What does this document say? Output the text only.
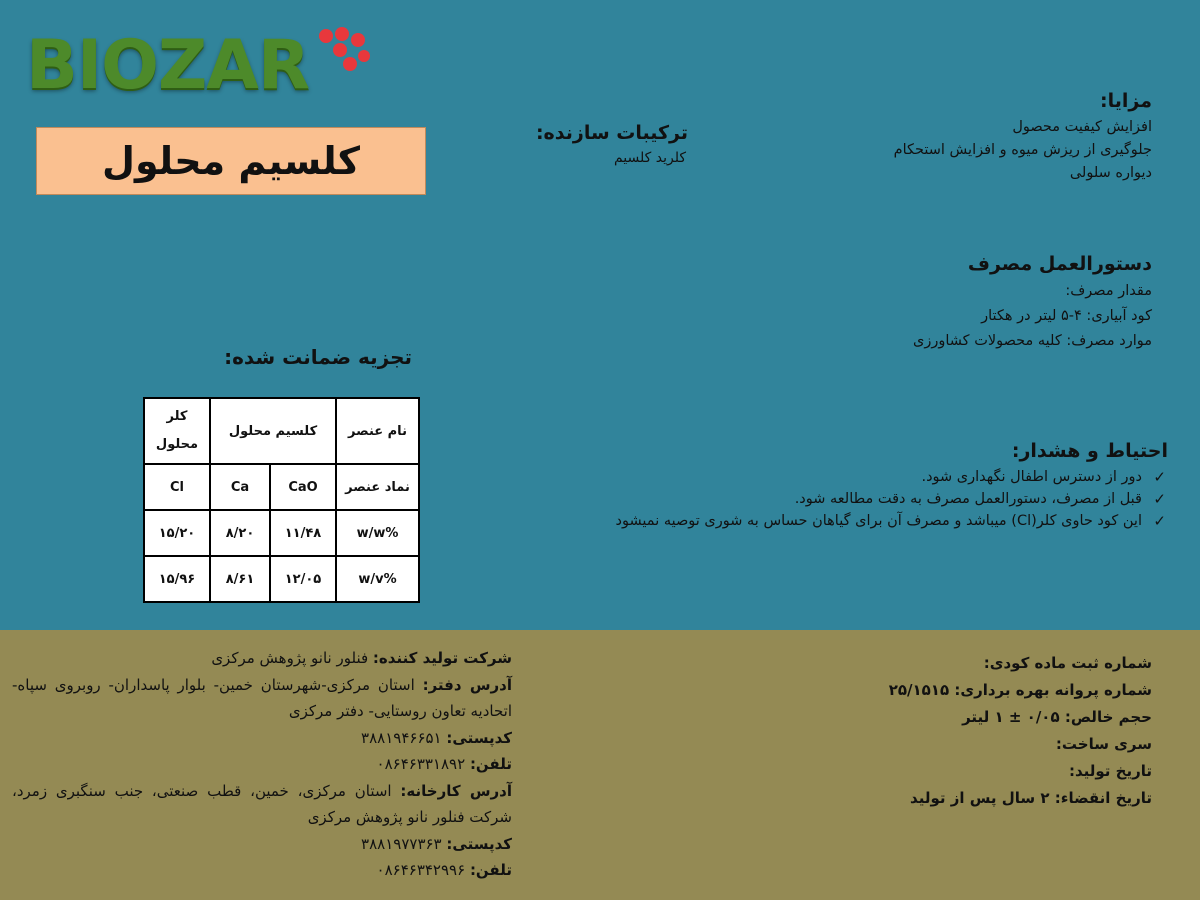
BIOZAR
کلسیم محلول
ترکیبات سازنده:
کلرید کلسیم
مزایا:
افزایش کیفیت محصول
جلوگیری از ریزش میوه و افزایش استحکام
دیواره سلولی
دستورالعمل مصرف
مقدار مصرف:
کود آبیاری: ۴-۵ لیتر در هکتار
موارد مصرف: کلیه محصولات کشاورزی
تجزیه ضمانت شده:
نام عنصر	کلسیم محلول		کلر محلول
نماد عنصر	CaO	Ca	Cl
w/w%	۱۱/۴۸	۸/۲۰	۱۵/۲۰
w/v%	۱۲/۰۵	۸/۶۱	۱۵/۹۶
احتیاط و هشدار:
✓
دور از دسترس اطفال نگهداری شود.
✓
قبل از مصرف، دستورالعمل مصرف به دقت مطالعه شود.
✓
این کود حاوی کلر(Cl) میباشد و مصرف آن برای گیاهان حساس به شوری توصیه نمیشود
شماره ثبت ماده کودی:
شماره پروانه بهره برداری: ۲۵/۱۵۱۵
حجم خالص: ۰/۰۵ ± ۱ لیتر
سری ساخت:
تاریخ تولید:
تاریخ انقضاء: ۲ سال پس از تولید
شرکت تولید کننده: فنلور نانو پژوهش مرکزی
آدرس دفتر: استان مرکزی-شهرستان خمین- بلوار پاسداران- روبروی سپاه- اتحادیه تعاون روستایی- دفتر مرکزی
کدپستی: ۳۸۸۱۹۴۶۶۵۱
تلفن: ۰۸۶۴۶۳۳۱۸۹۲
آدرس کارخانه: استان مرکزی، خمین، قطب صنعتی، جنب سنگبری زمرد، شرکت فنلور نانو پژوهش مرکزی
کدپستی: ۳۸۸۱۹۷۷۳۶۳
تلفن: ۰۸۶۴۶۳۴۲۹۹۶
